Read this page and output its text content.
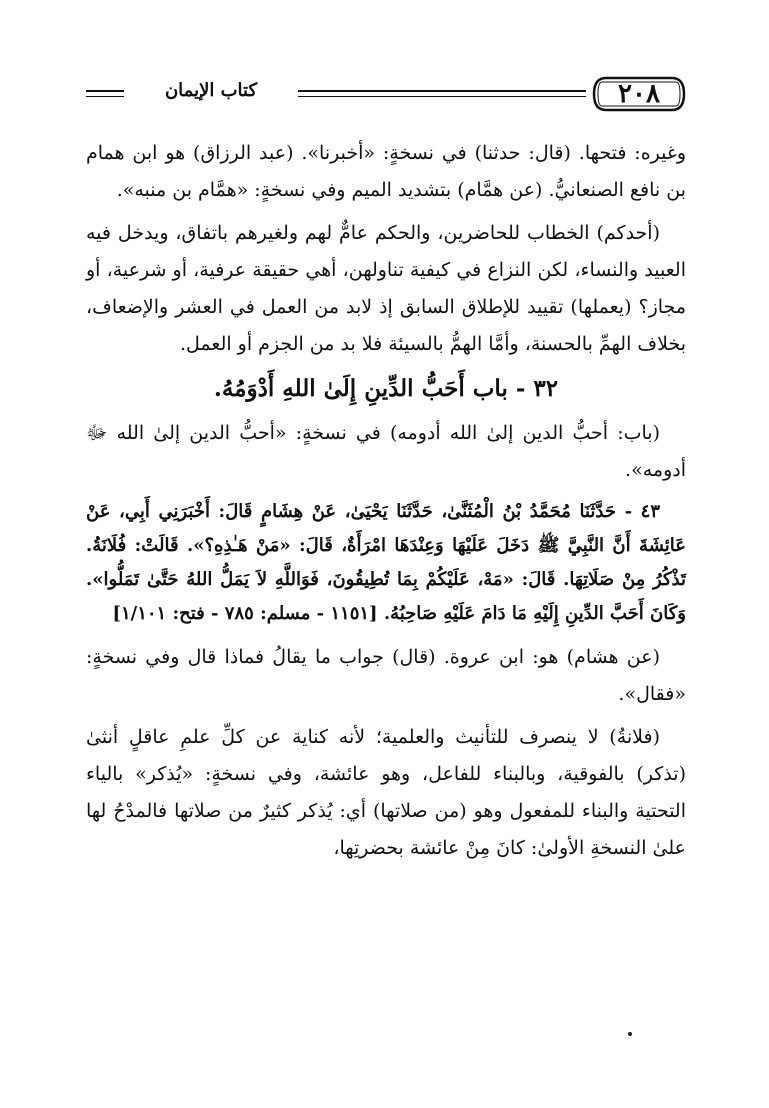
كتاب الإيمان	٢٠٨

وغيره: فتحها. (قال: حدثنا) في نسخةٍ: «أخبرنا». (عبد الرزاق) هو ابن همام بن نافع الصنعانيُّ. (عن همَّام) بتشديد الميم وفي نسخةٍ: «همَّام بن منبه».

(أحدكم) الخطاب للحاضرين، والحكم عامٌّ لهم ولغيرهم باتفاق، ويدخل فيه العبيد والنساء، لكن النزاع في كيفية تناولهن، أهي حقيقة عرفية، أو شرعية، أو مجاز؟ (يعملها) تقييد للإطلاق السابق إذ لابد من العمل في العشر والإضعاف، بخلاف الهمِّ بالحسنة، وأمَّا الهمُّ بالسيئة فلا بد من الجزم أو العمل.

٣٢ - باب أَحَبُّ الدِّينِ إِلَىٰ اللهِ أَدْوَمُهُ.

(باب: أحبُّ الدين إلىٰ الله أدومه) في نسخةٍ: «أحبُّ الدين إلىٰ الله ﷻ أدومه».

٤٣ - حَدَّثَنَا مُحَمَّدُ بْنُ الْمُثَنَّىٰ، حَدَّثَنَا يَحْيَىٰ، عَنْ هِشَامٍ قَالَ: أَخْبَرَنِي أَبِي، عَنْ عَائِشَةَ أَنَّ النَّبِيَّ ﷺ دَخَلَ عَلَيْهَا وَعِنْدَهَا امْرَأَةٌ، قَالَ: «مَنْ هَـٰذِهِ؟». قَالَتْ: فُلَانَةُ. تَذْكُرُ مِنْ صَلَاتِهَا. قَالَ: «مَهْ، عَلَيْكُمْ بِمَا تُطِيقُونَ، فَوَاللَّهِ لاَ يَمَلُّ اللهُ حَتَّىٰ تَمَلُّوا». وَكَانَ أَحَبَّ الدِّينِ إِلَيْهِ مَا دَامَ عَلَيْهِ صَاحِبُهُ. [١١٥١ - مسلم: ٧٨٥ - فتح: ١/١٠١]

(عن هشام) هو: ابن عروة. (قال) جواب ما يقالُ فماذا قال وفي نسخةٍ: «فقال».

(فلانةُ) لا ينصرف للتأنيث والعلمية؛ لأنه كناية عن كلِّ علمِ عاقلٍ أنثىٰ (تذكر) بالفوقية، وبالبناء للفاعل، وهو عائشة، وفي نسخةٍ: «يُذكر» بالياء التحتية والبناء للمفعول وهو (من صلاتها) أي: يُذكر كثيرٌ من صلاتها فالمدْحُ لها علىٰ النسخةِ الأولىٰ: كانَ مِنْ عائشة بحضرتِها،
